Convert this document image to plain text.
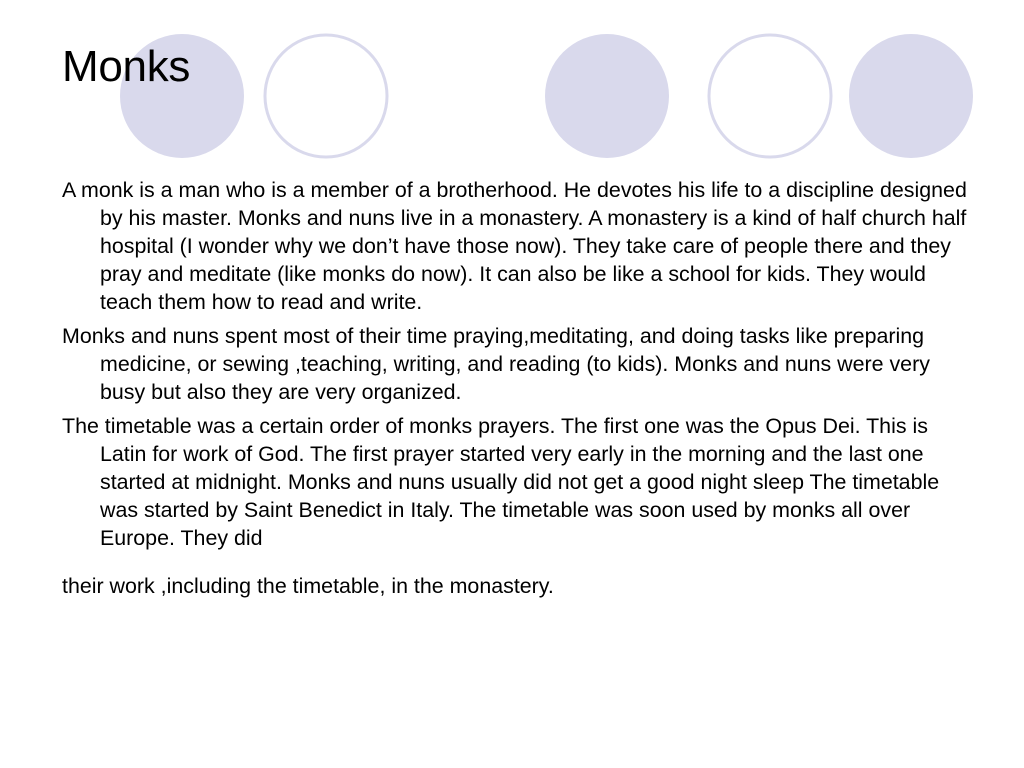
Monks

A monk is a man who is a member of a brotherhood. He devotes his life to a discipline designed by his master. Monks and nuns live in a monastery. A monastery is a kind of half church half hospital (I wonder why we don’t have those now). They take care of people there and they pray and meditate (like monks do now). It can also be like a school for kids. They would teach them how to read and write.

Monks and nuns spent most of their time praying,meditating, and doing tasks like preparing medicine, or sewing ,teaching, writing, and reading (to kids). Monks and nuns were very busy but also they are very organized.

The timetable was a certain order of monks prayers. The first one was the Opus Dei. This is Latin for work of God. The first prayer started very early in the morning and the last one started at midnight. Monks and nuns usually did not get a good night sleep The timetable was started by Saint Benedict in Italy. The timetable was soon used by monks all over Europe. They did
their work ,including the timetable, in the monastery.
